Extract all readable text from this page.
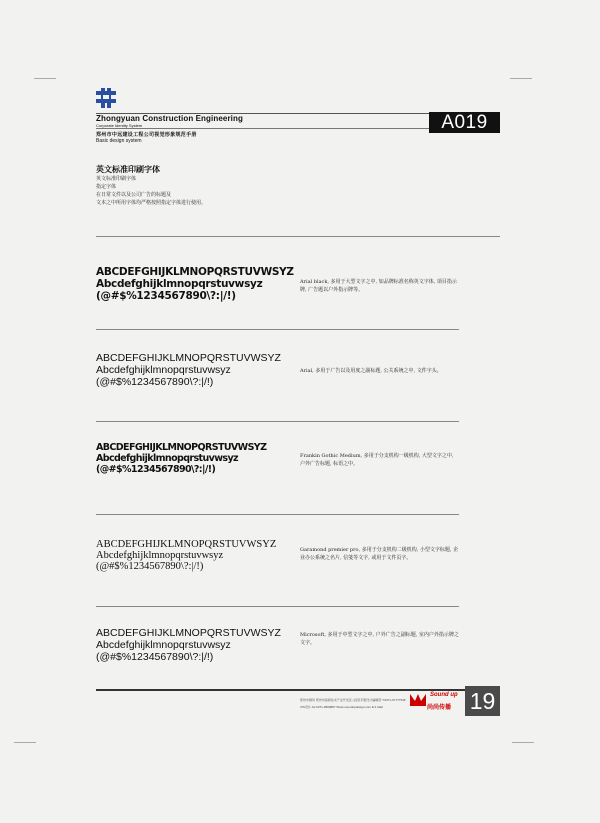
Zhongyuan Construction Engineering
Corporate Identity System	A019
郑州市中远建设工程公司视觉形象规范手册
Basic design system
英文标准印刷字体
英文标准印刷字体
指定字体
在日常文件以及公司广告的标题及
文本之中所用字体均严格按照指定字体进行使用。
ABCDEFGHIJKLMNOPQRSTUVWSYZ
Abcdefghijklmnopqrstuvwsyz
(@#$%1234567890\?:|/!)
Arial black, 多用于大型文字之中, 如品牌标准名称英文字体, 项目指示牌, 广告题以户外指示牌等。
ABCDEFGHIJKLMNOPQRSTUVWSYZ
Abcdefghijklmnopqrstuvwsyz
(@#$%1234567890\?:|/!)
Arial, 多用于广告以及用度之副标题, 公关系统之中, 文件字头。
ABCDEFGHIJKLMNOPQRSTUVWSYZ
Abcdefghijklmnopqrstuvwsyz
(@#$%1234567890\?:|/!)
Frankin Gothic Medium, 多用于分支机构一级机构, 大型文字之中, 户外广告标题, 标语之中。
ABCDEFGHIJKLMNOPQRSTUVWSYZ
Abcdefghijklmnopqrstuvwsyz
(@#$%1234567890\?:|/!)
Garamond premier pro, 多用于分支机构二级机构, 小型文字标题, 企业办公系统之名片, 信笺等文字, 或用于文件页字。
ABCDEFGHIJKLMNOPQRSTUVWSYZ
Abcdefghijklmnopqrstuvwsyz
(@#$%1234567890\?:|/!)
Microsoft, 多用于中型文字之中, 户外广告之副标题, 室内户外指示牌之文字。
郑州市顺风 郑州市高新技术产业开发区 | 投资手册设计编辑部 T:0371-67777548
VIS设计 Ad 0371-9999887 Www.soundupdesign.com E:1 Mail
Sound up
尚尚传播 19
